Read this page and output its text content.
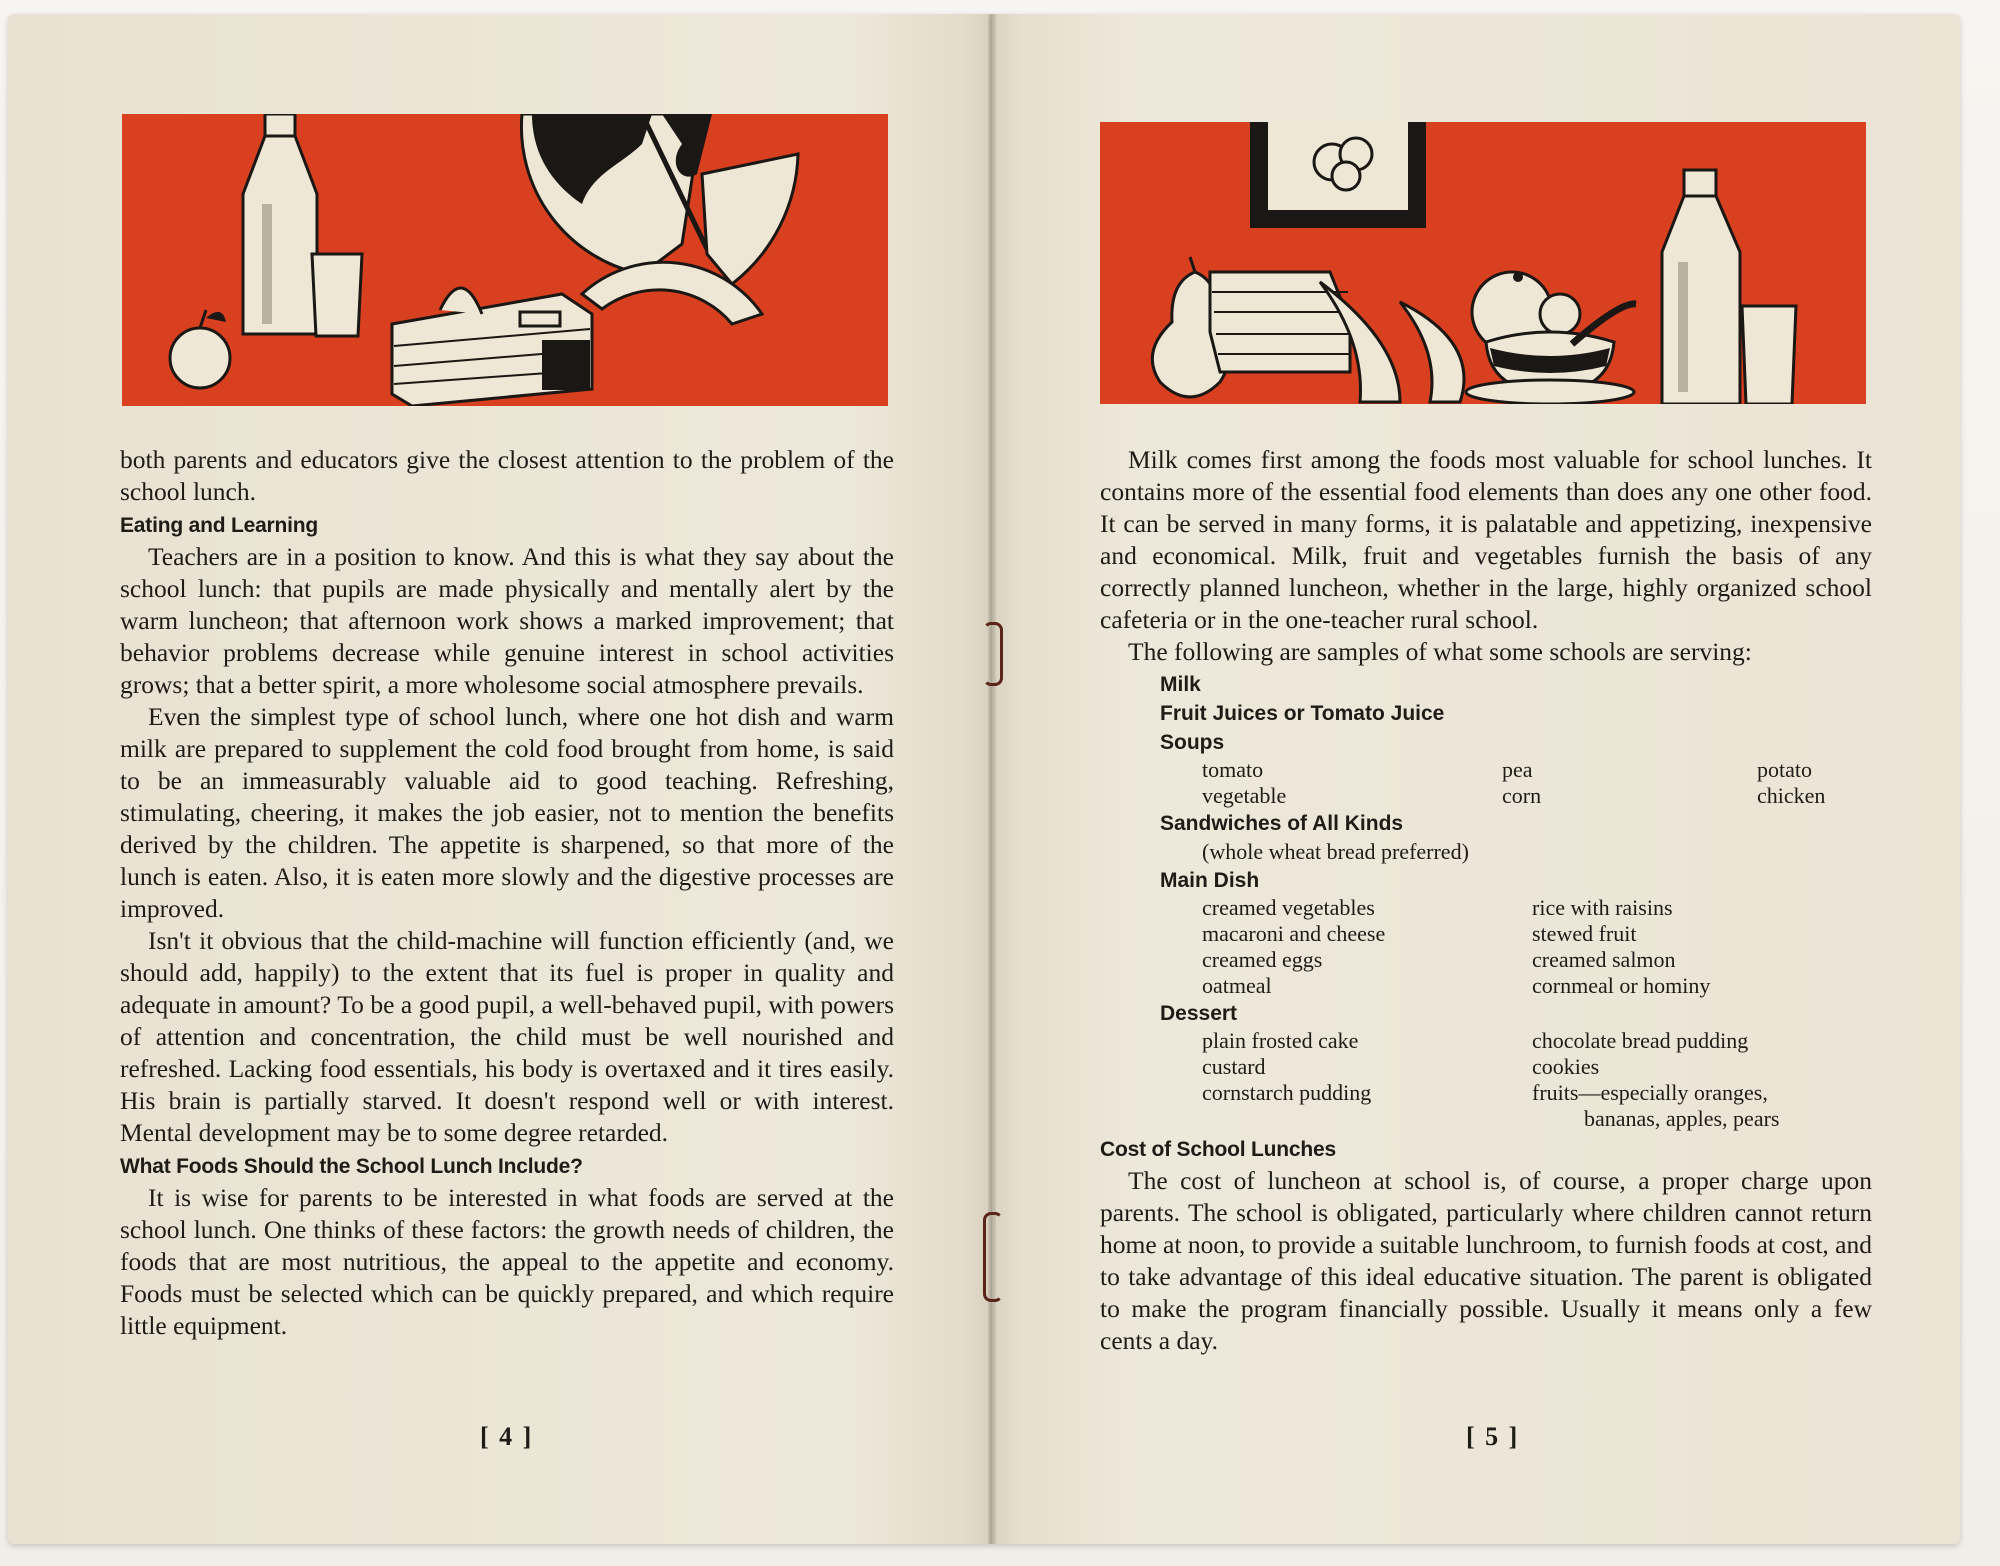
both parents and educators give the closest attention to the problem of the school lunch.

Eating and Learning

Teachers are in a position to know. And this is what they say about the school lunch: that pupils are made physically and mentally alert by the warm luncheon; that afternoon work shows a marked improvement; that behavior problems decrease while genuine interest in school activities grows; that a better spirit, a more wholesome social atmosphere prevails.

Even the simplest type of school lunch, where one hot dish and warm milk are prepared to supplement the cold food brought from home, is said to be an immeasurably valuable aid to good teaching. Refreshing, stimulating, cheering, it makes the job easier, not to mention the benefits derived by the children. The appetite is sharpened, so that more of the lunch is eaten. Also, it is eaten more slowly and the digestive processes are improved.

Isn't it obvious that the child-machine will function efficiently (and, we should add, happily) to the extent that its fuel is proper in quality and adequate in amount? To be a good pupil, a well-behaved pupil, with powers of attention and concentration, the child must be well nourished and refreshed. Lacking food essentials, his body is overtaxed and it tires easily. His brain is partially starved. It doesn't respond well or with interest. Mental development may be to some degree retarded.

What Foods Should the School Lunch Include?

It is wise for parents to be interested in what foods are served at the school lunch. One thinks of these factors: the growth needs of children, the foods that are most nutritious, the appeal to the appetite and economy. Foods must be selected which can be quickly prepared, and which require little equipment.

[ 4 ]

Milk comes first among the foods most valuable for school lunches. It contains more of the essential food elements than does any one other food. It can be served in many forms, it is palatable and appetizing, inexpensive and economical. Milk, fruit and vegetables furnish the basis of any correctly planned luncheon, whether in the large, highly organized school cafeteria or in the one-teacher rural school.

The following are samples of what some schools are serving:

Milk
Fruit Juices or Tomato Juice
Soups
tomato	pea	potato
vegetable	corn	chicken
Sandwiches of All Kinds
(whole wheat bread preferred)
Main Dish
creamed vegetables	rice with raisins
macaroni and cheese	stewed fruit
creamed eggs	creamed salmon
oatmeal	cornmeal or hominy
Dessert
plain frosted cake	chocolate bread pudding
custard	cookies
cornstarch pudding	fruits—especially oranges,
bananas, apples, pears
Cost of School Lunches

The cost of luncheon at school is, of course, a proper charge upon parents. The school is obligated, particularly where children cannot return home at noon, to provide a suitable lunchroom, to furnish foods at cost, and to take advantage of this ideal educative situation. The parent is obligated to make the program financially possible. Usually it means only a few cents a day.

[ 5 ]
